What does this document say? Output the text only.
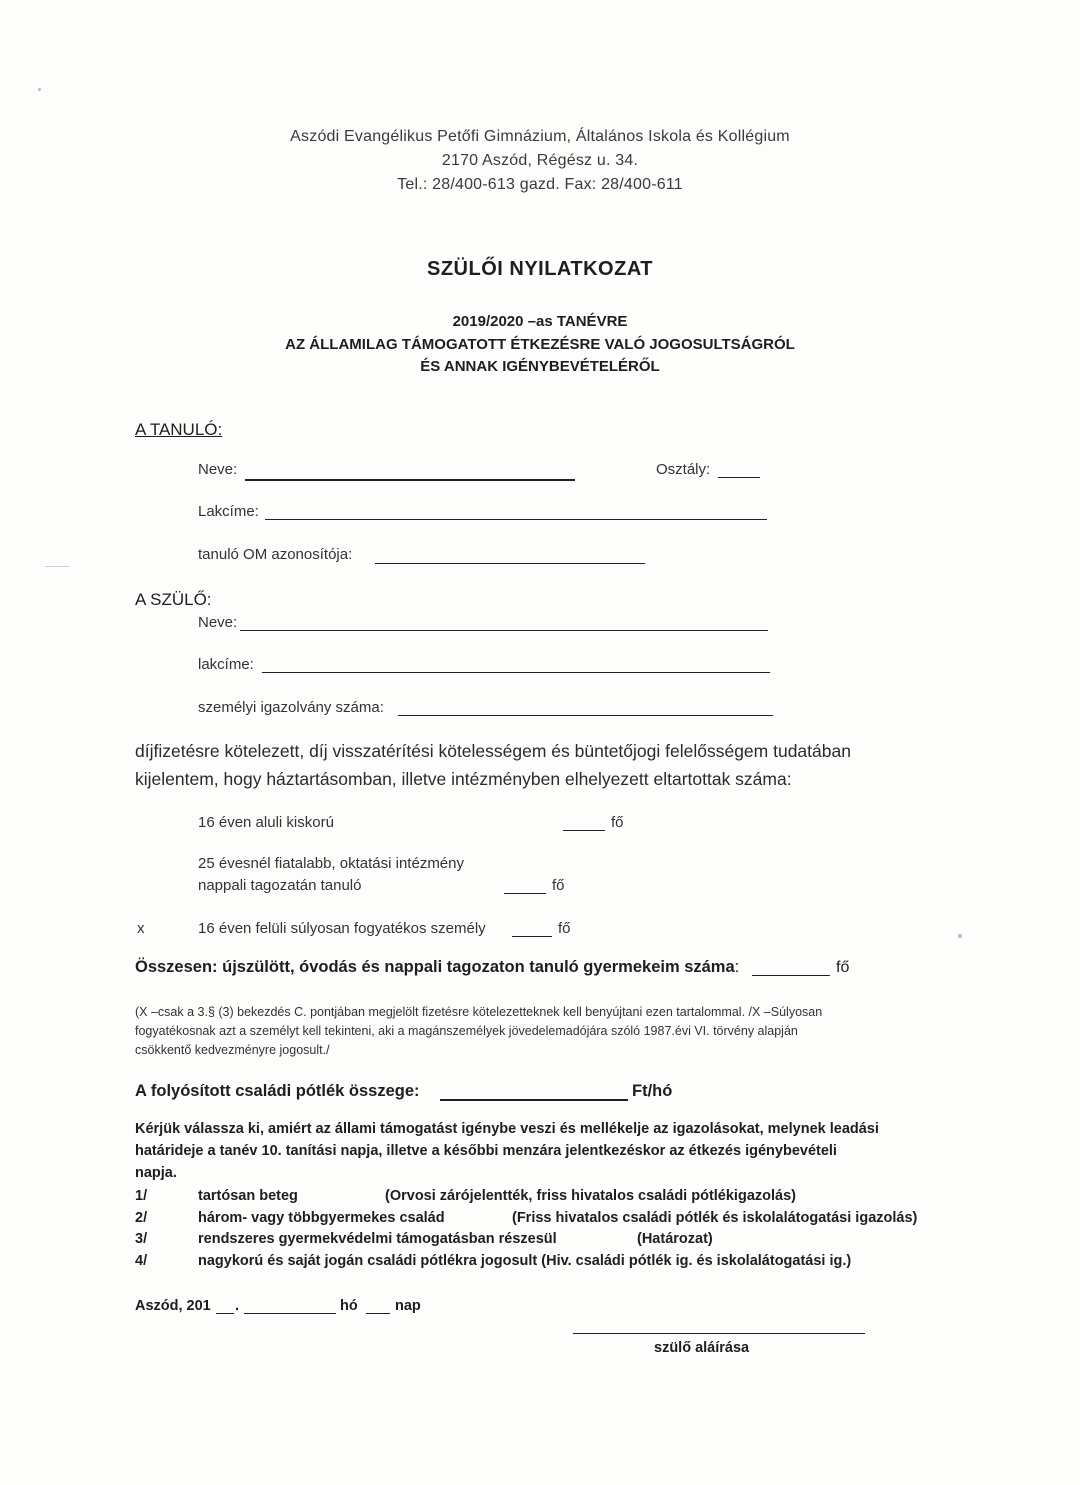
Aszódi Evangélikus Petőfi Gimnázium, Általános Iskola és Kollégium
2170 Aszód, Régész u. 34.
Tel.: 28/400-613 gazd. Fax: 28/400-611
SZÜLŐI NYILATKOZAT
2019/2020 –as TANÉVRE
AZ ÁLLAMILAG TÁMOGATOTT ÉTKEZÉSRE VALÓ JOGOSULTSÁGRÓL
ÉS ANNAK IGÉNYBEVÉTELÉRŐL
A TANULÓ:
Neve:	Osztály:
Lakcíme:
tanuló OM azonosítója:
A SZÜLŐ:
Neve:
lakcíme:
személyi igazolvány száma:
díjfizetésre kötelezett, díj visszatérítési kötelességem és büntetőjogi felelősségem tudatában
kijelentem, hogy háztartásomban, illetve intézményben elhelyezett eltartottak száma:
16 éven aluli kiskorú	fő
25 évesnél fiatalabb, oktatási intézmény
nappali tagozatán tanuló	fő
x	16 éven felüli súlyosan fogyatékos személy	fő
Összesen: újszülött, óvodás és nappali tagozaton tanuló gyermekeim száma:	fő
(X –csak a 3.§ (3) bekezdés C. pontjában megjelölt fizetésre kötelezetteknek kell benyújtani ezen tartalommal. /X –Súlyosan
fogyatékosnak azt a személyt kell tekinteni, aki a magánszemélyek jövedelemadójára szóló 1987.évi VI. törvény alapján
csökkentő kedvezményre jogosult./
A folyósított családi pótlék összege:	Ft/hó
Kérjük válassza ki, amiért az állami támogatást igénybe veszi és mellékelje az igazolásokat, melynek leadási
határideje a tanév 10. tanítási napja, illetve a későbbi menzára jelentkezéskor az étkezés igénybevételi
napja.
1/	tartósan beteg	(Orvosi zárójelentték, friss hivatalos családi pótlékigazolás)
2/	három- vagy többgyermekes család	(Friss hivatalos családi pótlék és iskolalátogatási igazolás)
3/	rendszeres gyermekvédelmi támogatásban részesül	(Határozat)
4/	nagykorú és saját jogán családi pótlékra jogosult (Hiv. családi pótlék ig. és iskolalátogatási ig.)
Aszód, 201 .	hó	nap
szülő aláírása
